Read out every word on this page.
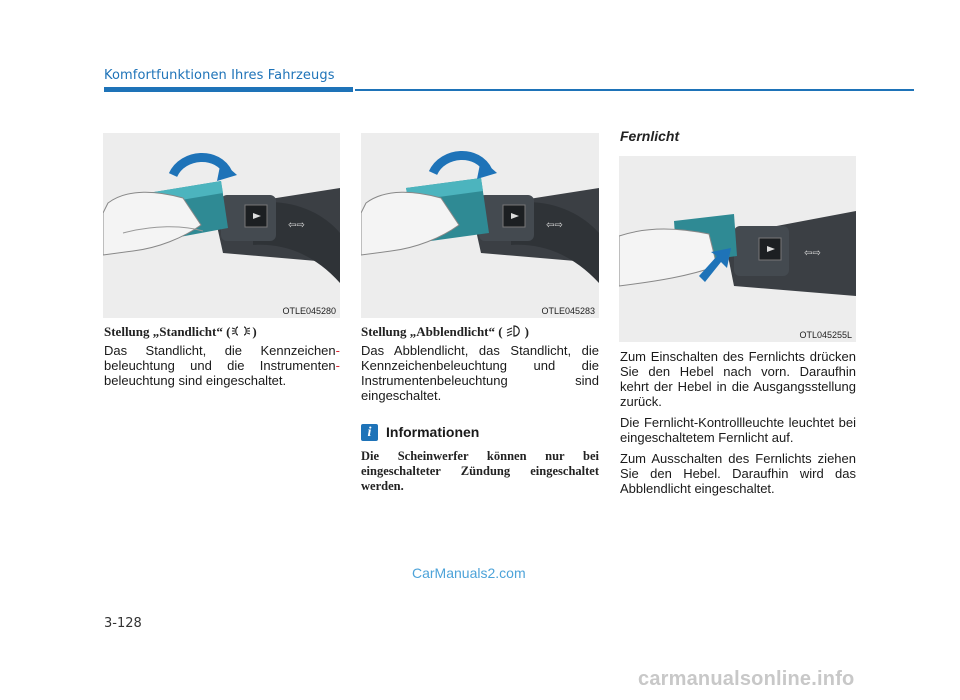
Komfortfunktionen Ihres Fahrzeugs
⇦⇨
OTLE045280
⇦⇨
OTLE045283
⇦⇨
OTL045255L
Stellung „Standlicht“ ( )
Das Standlicht, die Kennzeichen-
beleuchtung und die Instrumenten-
beleuchtung sind eingeschaltet.
Stellung „Abblendlicht“ ( )
Das Abblendlicht, das Standlicht, die Kennzeichenbeleuchtung und die Instrumentenbeleuchtung sind eingeschaltet.
i	Informationen
Die Scheinwerfer können nur bei eingeschalteter Zündung eingeschaltet werden.
Fernlicht

Zum Einschalten des Fernlichts drücken Sie den Hebel nach vorn. Daraufhin kehrt der Hebel in die Ausgangsstellung zurück.

Die Fernlicht-Kontrollleuchte leuchtet bei eingeschaltetem Fernlicht auf.

Zum Ausschalten des Fernlichts ziehen Sie den Hebel. Daraufhin wird das Abblendlicht eingeschaltet.

CarManuals2.com
3-128
carmanualsonline.info
